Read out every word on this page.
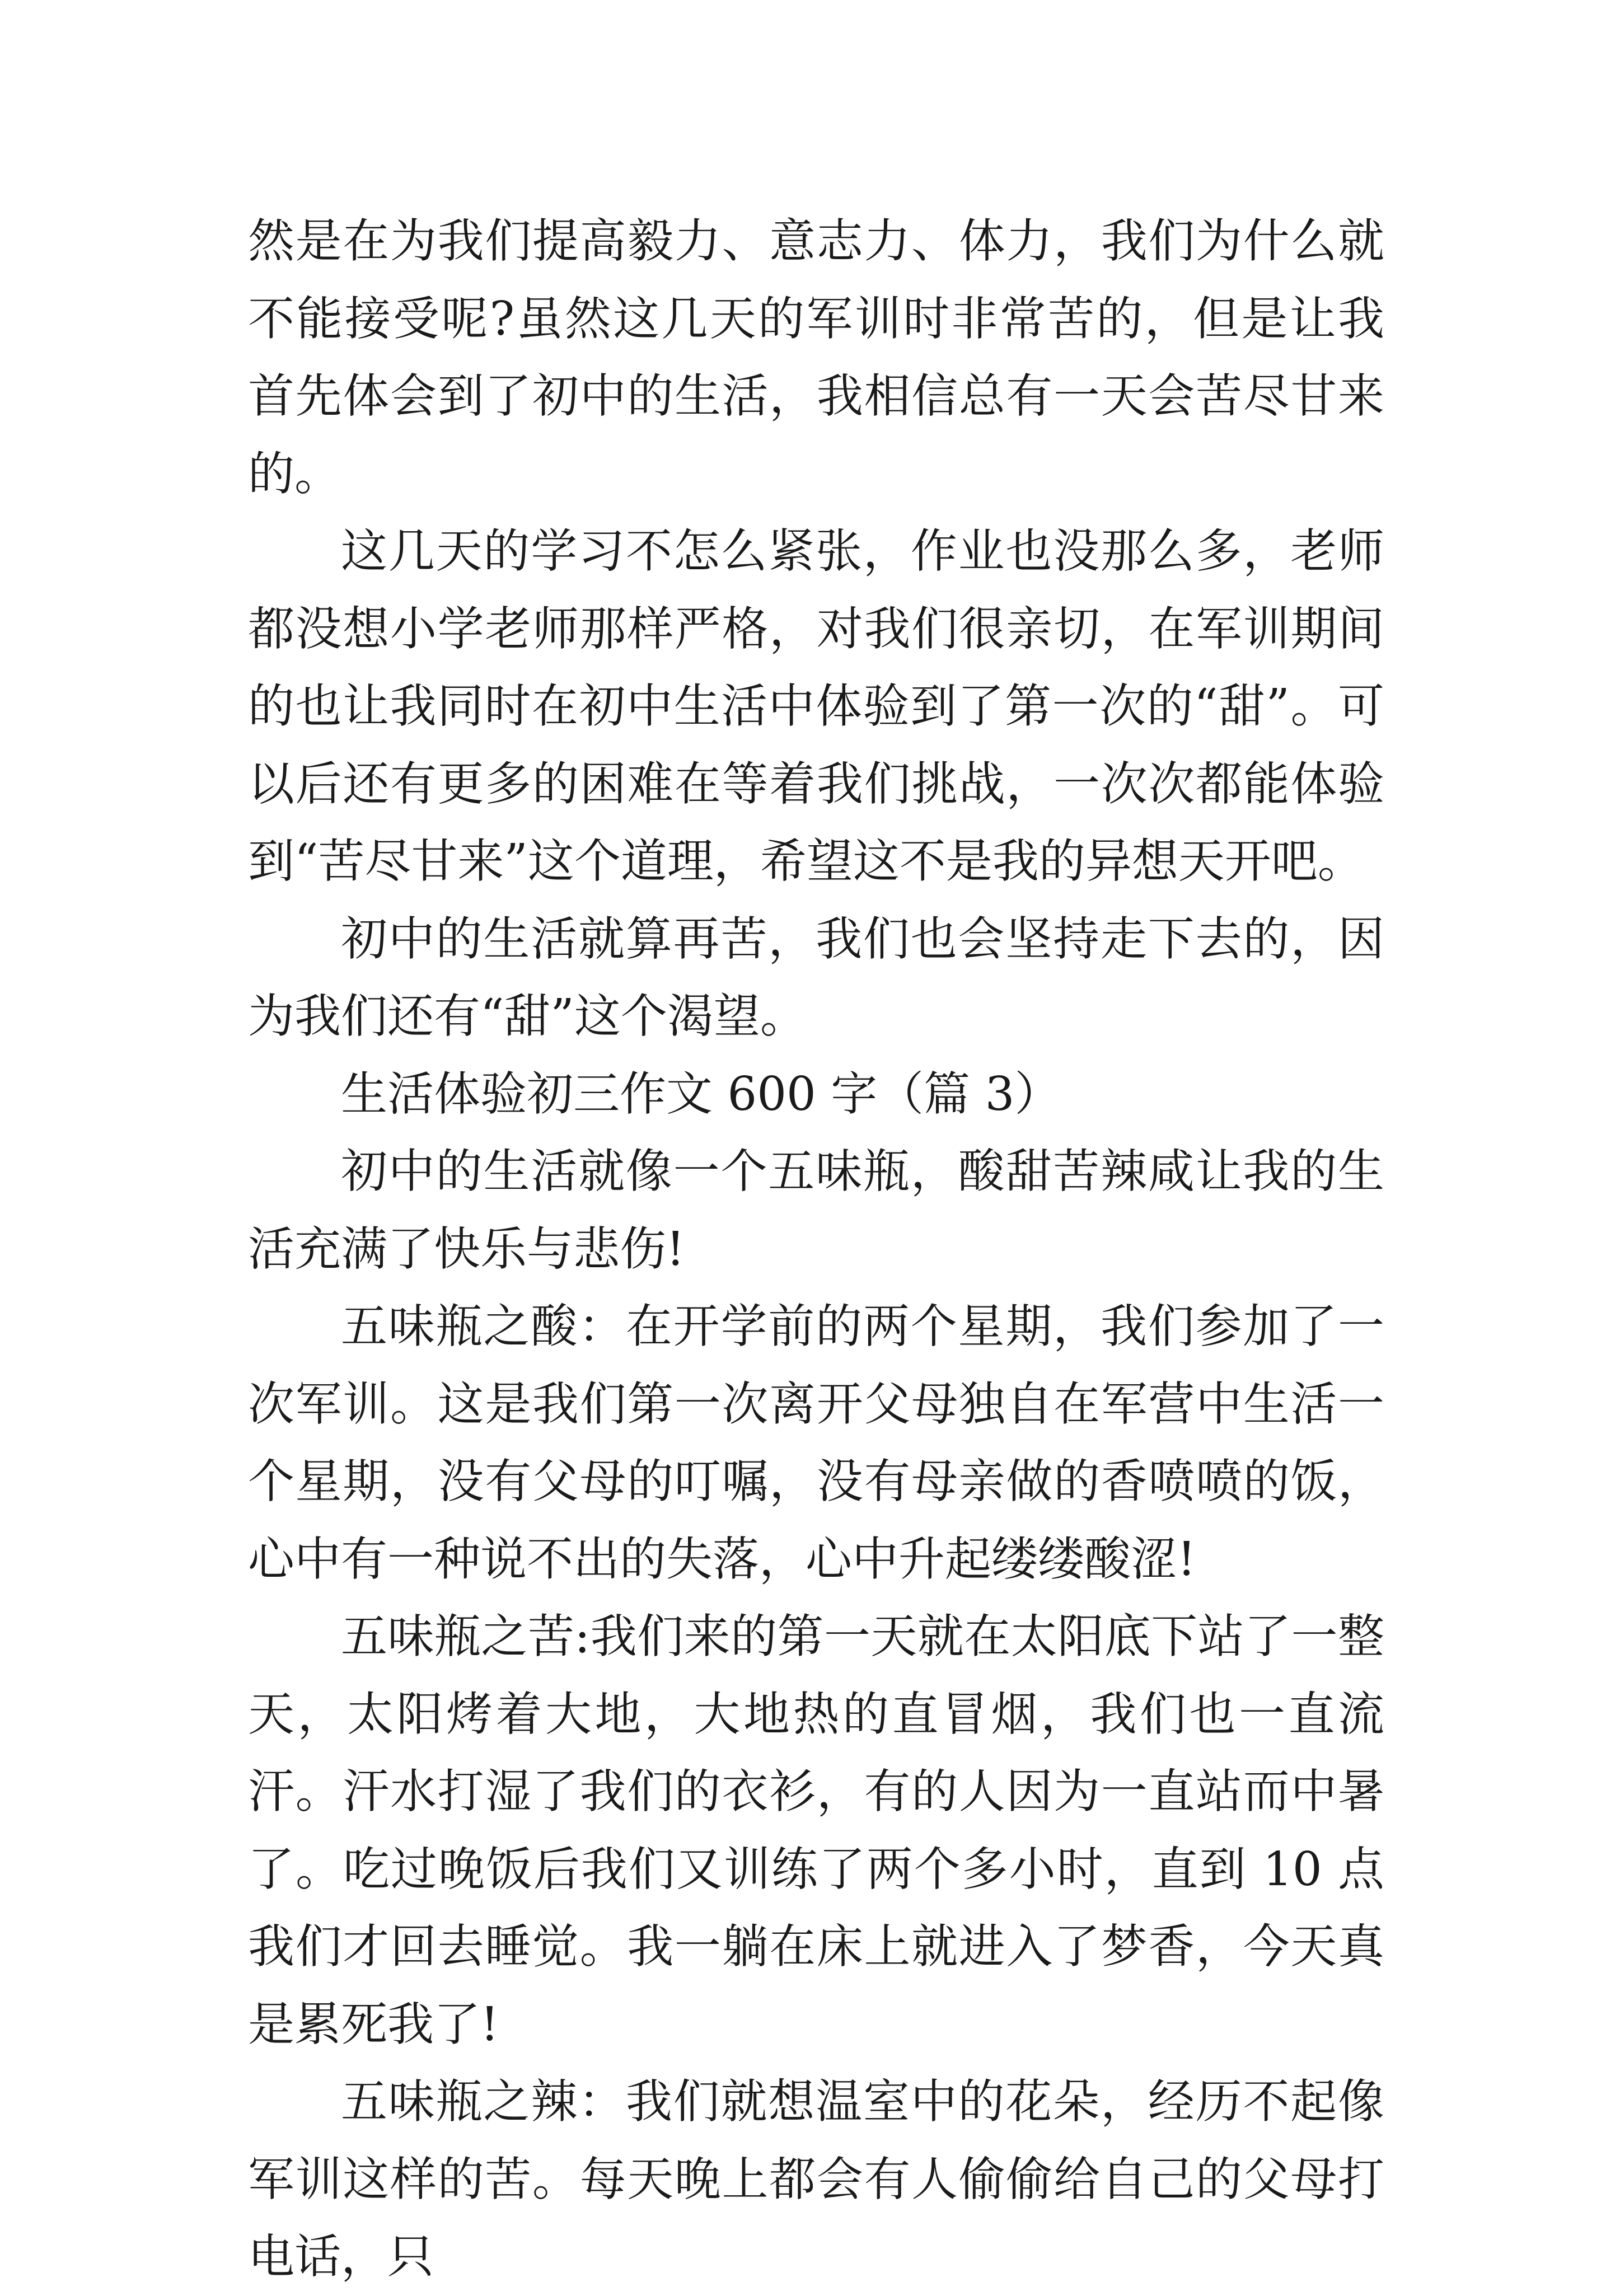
然是在为我们提高毅力、意志力、体力，我们为什么就不能接受呢?虽然这几天的军训时非常苦的，但是让我首先体会到了初中的生活，我相信总有一天会苦尽甘来的。

这几天的学习不怎么紧张，作业也没那么多，老师都没想小学老师那样严格，对我们很亲切，在军训期间的也让我同时在初中生活中体验到了第一次的“甜”。可以后还有更多的困难在等着我们挑战，一次次都能体验到“苦尽甘来”这个道理，希望这不是我的异想天开吧。

初中的生活就算再苦，我们也会坚持走下去的，因为我们还有“甜”这个渴望。

生活体验初三作文 600 字（篇 3）

初中的生活就像一个五味瓶，酸甜苦辣咸让我的生活充满了快乐与悲伤!

五味瓶之酸：在开学前的两个星期，我们参加了一次军训。这是我们第一次离开父母独自在军营中生活一个星期，没有父母的叮嘱，没有母亲做的香喷喷的饭，心中有一种说不出的失落，心中升起缕缕酸涩!

五味瓶之苦:我们来的第一天就在太阳底下站了一整天，太阳烤着大地，大地热的直冒烟，我们也一直流汗。汗水打湿了我们的衣衫，有的人因为一直站而中暑了。吃过晚饭后我们又训练了两个多小时，直到 10 点我们才回去睡觉。我一躺在床上就进入了梦香，今天真是累死我了!

五味瓶之辣：我们就想温室中的花朵，经历不起像军训这样的苦。每天晚上都会有人偷偷给自己的父母打电话，只
